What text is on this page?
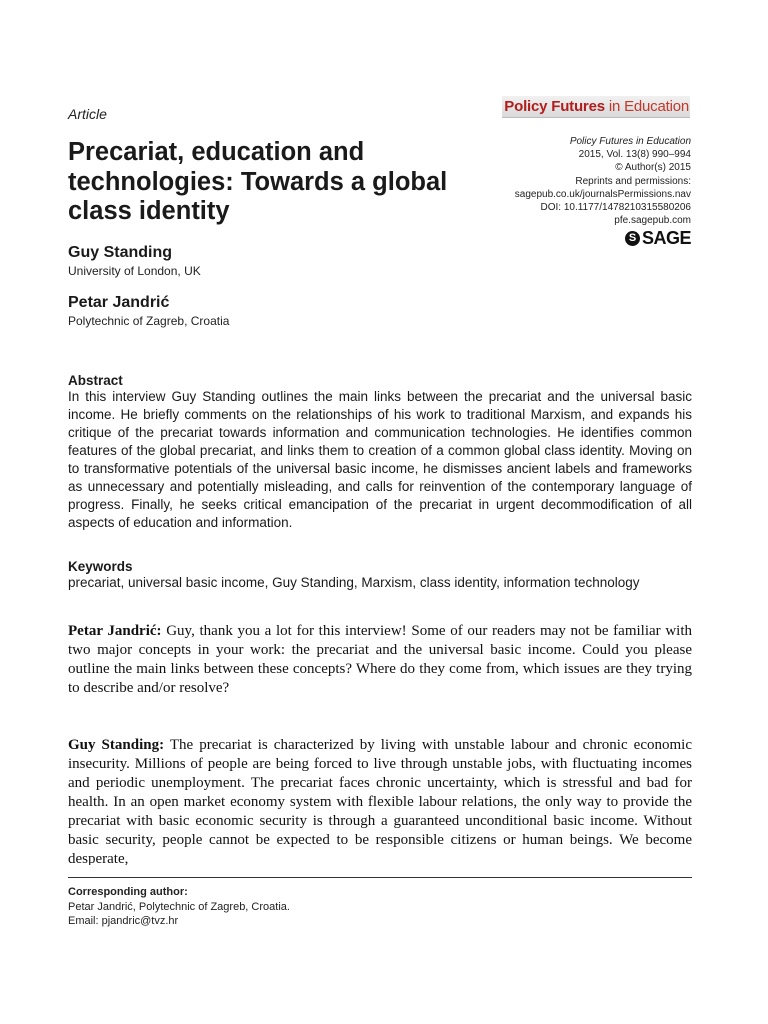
Article	Policy Futures in Education
Policy Futures in Education
2015, Vol. 13(8) 990–994
© Author(s) 2015
Reprints and permissions:
sagepub.co.uk/journalsPermissions.nav
DOI: 10.1177/1478210315580206
pfe.sagepub.com
S SAGE
Precariat, education and technologies: Towards a global class identity
Guy Standing
University of London, UK
Petar Jandrić
Polytechnic of Zagreb, Croatia
Abstract

In this interview Guy Standing outlines the main links between the precariat and the universal basic income. He briefly comments on the relationships of his work to traditional Marxism, and expands his critique of the precariat towards information and communication technologies. He identifies common features of the global precariat, and links them to creation of a common global class identity. Moving on to transformative potentials of the universal basic income, he dismisses ancient labels and frameworks as unnecessary and potentially misleading, and calls for reinvention of the contemporary language of progress. Finally, he seeks critical emancipation of the precariat in urgent decommodification of all aspects of education and information.

Keywords
precariat, universal basic income, Guy Standing, Marxism, class identity, information technology

Petar Jandrić: Guy, thank you a lot for this interview! Some of our readers may not be familiar with two major concepts in your work: the precariat and the universal basic income. Could you please outline the main links between these concepts? Where do they come from, which issues are they trying to describe and/or resolve?

Guy Standing: The precariat is characterized by living with unstable labour and chronic economic insecurity. Millions of people are being forced to live through unstable jobs, with fluctuating incomes and periodic unemployment. The precariat faces chronic uncertainty, which is stressful and bad for health. In an open market economy system with flexible labour relations, the only way to provide the precariat with basic economic security is through a guaranteed unconditional basic income. Without basic security, people cannot be expected to be responsible citizens or human beings. We become desperate,

Corresponding author:
Petar Jandrić, Polytechnic of Zagreb, Croatia.
Email: pjandric@tvz.hr
